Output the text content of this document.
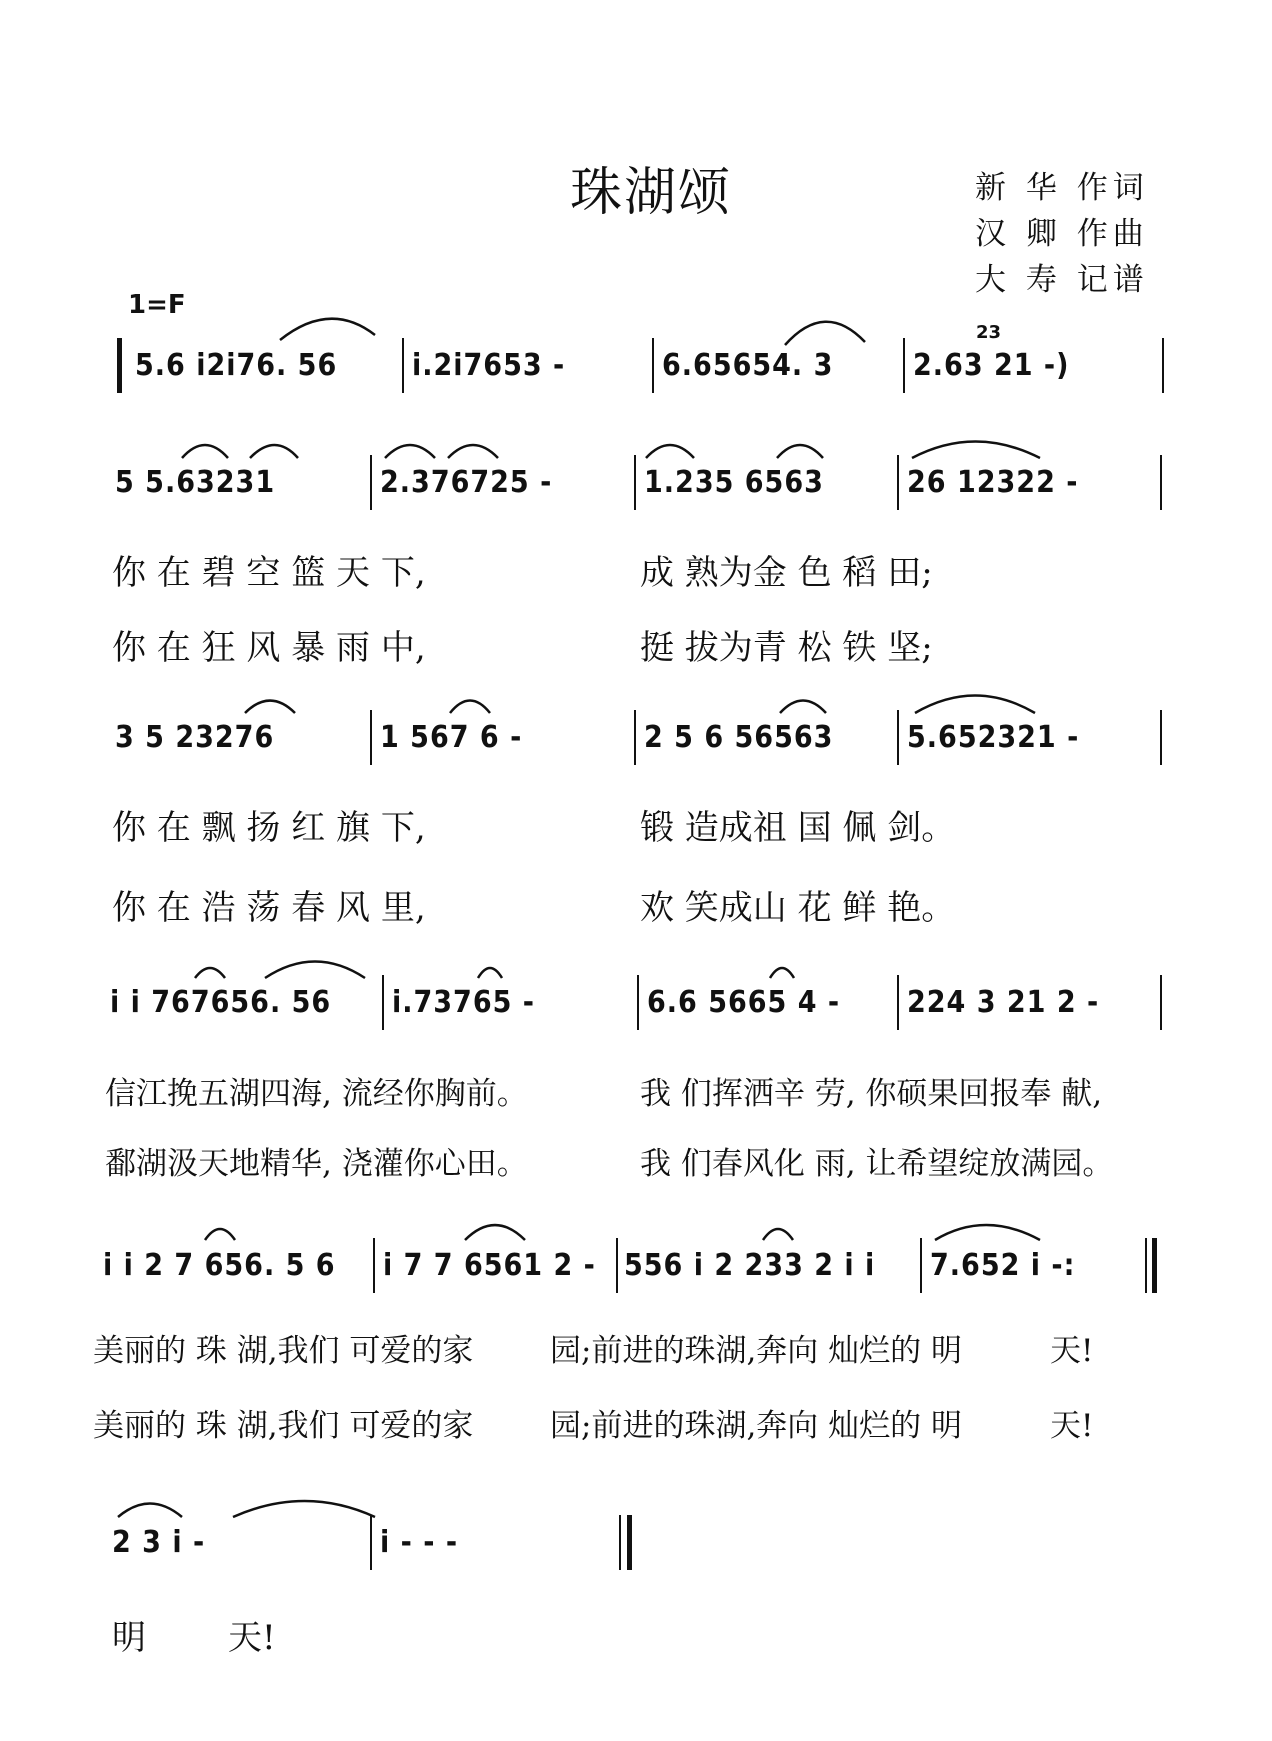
珠湖颂	新 华 作词
汉 卿 作曲
大 寿 记谱
1=F
5.6 i2i76. 56 i.2i7653 -	6.65654. 3	2.63 21 -)
23
5 5.63231	2.376725 -	1.235 6563	26 12322 -
你 在 碧 空 篮 天 下,	成 熟为金 色 稻 田;
你 在 狂 风 暴 雨 中,	挺 拔为青 松 铁 坚;
3 5 23276	1 567 6 -	2 5 6 56563 5.652321 -
你 在 飘 扬 红 旗 下,	锻 造成祖 国 佩 剑。
你 在 浩 荡 春 风 里,	欢 笑成山 花 鲜 艳。
i i 767656. 56 i.73765 -	6.6 5665 4 - 224 3 21 2 -
信江挽五湖四海, 流经你胸前。	我 们挥洒辛 劳, 你硕果回报奉 献,
鄱湖汲天地精华, 浇灌你心田。	我 们春风化 雨, 让希望绽放满园。
i i 2 7 656. 5 6 i 7 7 6561 2 - 556 i 2 233 2 i i 7.652 i -:
美丽的 珠 湖,我们 可爱的家 园;前进的珠湖,奔向 灿烂的 明	天!
美丽的 珠 湖,我们 可爱的家 园;前进的珠湖,奔向 灿烂的 明	天!
2 3 i -	i - - -
明 天!
